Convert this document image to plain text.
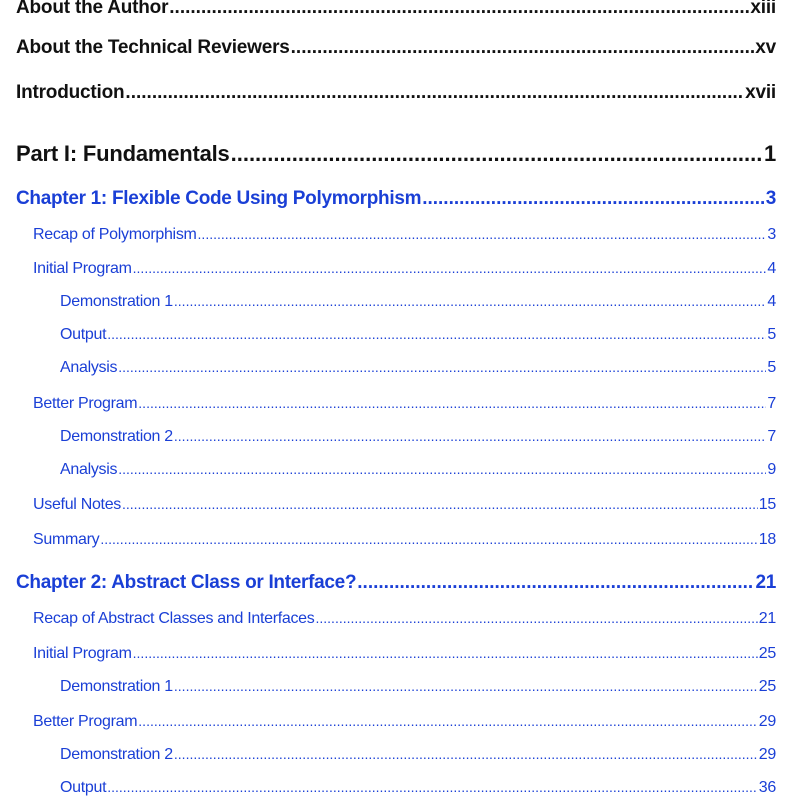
About the Author .....	xiii
About the Technical Reviewers .....	xv
Introduction .....	xvii
Part I: Fundamentals .....	1
Chapter 1: Flexible Code Using Polymorphism .....	3
Recap of Polymorphism .....	3
Initial Program .....	4
Demonstration 1 .....	4
Output .....	5
Analysis .....	5
Better Program .....	7
Demonstration 2 .....	7
Analysis .....	9
Useful Notes .....	15
Summary .....	18
Chapter 2: Abstract Class or Interface? .....	21
Recap of Abstract Classes and Interfaces .....	21
Initial Program .....	25
Demonstration 1 .....	25
Better Program .....	29
Demonstration 2 .....	29
Output .....	36
